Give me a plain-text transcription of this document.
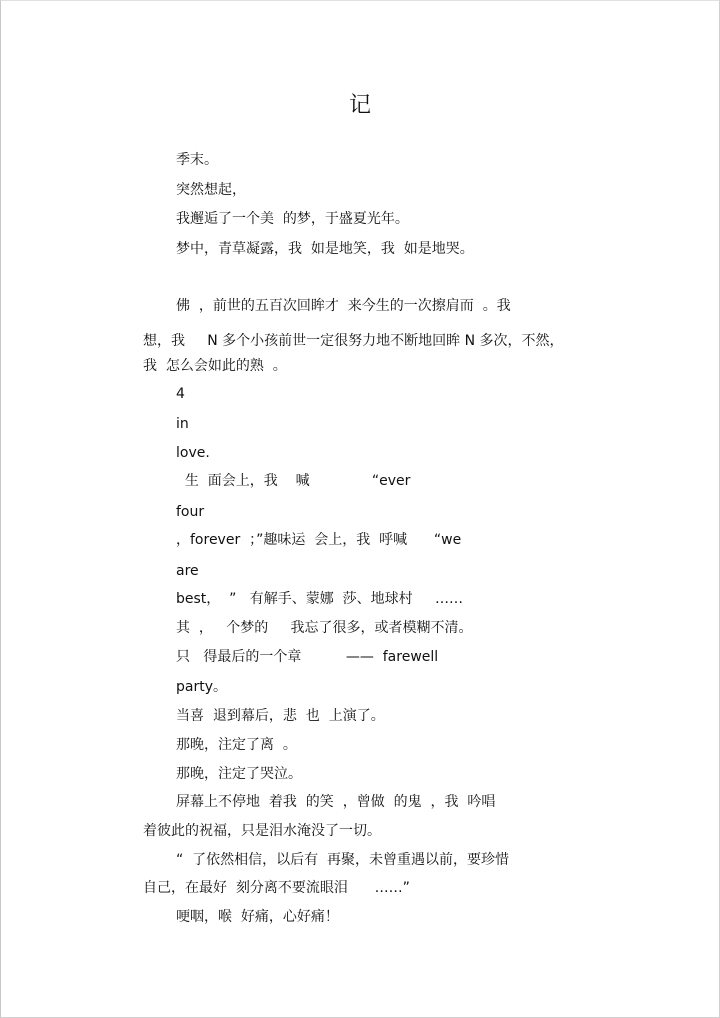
记
季末。
突然想起，
我邂逅了一个美  的梦，于盛夏光年。
梦中，青草凝露，我  如是地笑，我  如是地哭。
佛  ，前世的五百次回眸才  来今生的一次擦肩而  。我
想，我     N 多个小孩前世一定很努力地不断地回眸 N 多次，不然，
我  怎么会如此的熟  。
4
in
love.
生  面会上，我    喊              “ever
four
，forever  ；”趣味运  会上，我  呼喊      “we
are
best，  ”   有解手、蒙娜  莎、地球村     ……
其  ，   个梦的     我忘了很多，或者模糊不清。
只   得最后的一个章          ——  farewell
party。
当喜  退到幕后，悲  也  上演了。
那晚，注定了离  。
那晚，注定了哭泣。
屏幕上不停地  着我  的笑  ，曾做  的鬼  ，我  吟唱
着彼此的祝福，只是泪水淹没了一切。
“  了依然相信，以后有  再聚，未曾重遇以前，要珍惜
自己，在最好  刻分离不要流眼泪      ……”
哽咽，喉  好痛，心好痛！
